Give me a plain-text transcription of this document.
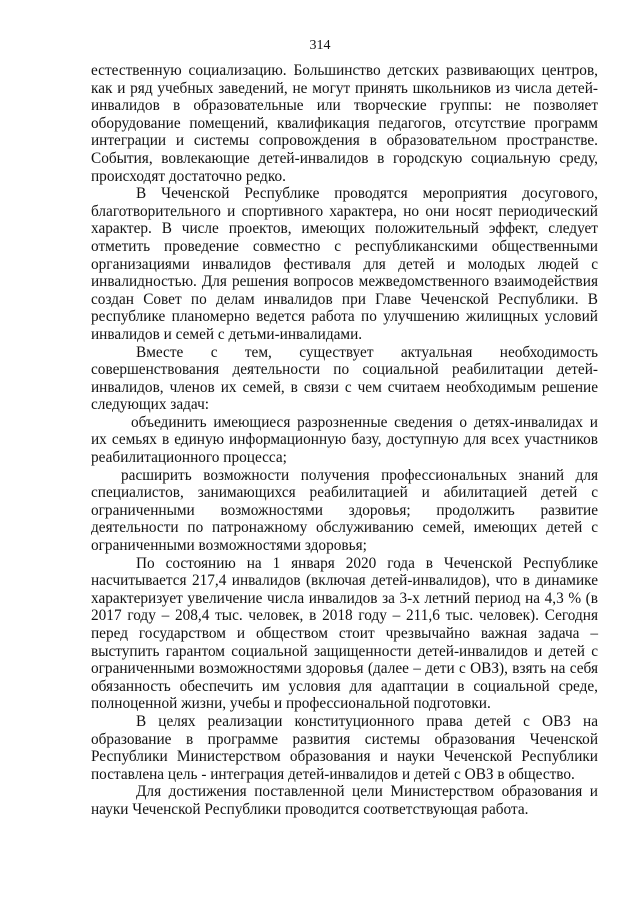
314

естественную социализацию. Большинство детских развивающих центров, как и ряд учебных заведений, не могут принять школьников из числа детей-инвалидов в образовательные или творческие группы: не позволяет оборудование помещений, квалификация педагогов, отсутствие программ интеграции и системы сопровождения в образовательном пространстве. События, вовлекающие детей-инвалидов в городскую социальную среду, происходят достаточно редко.

В Чеченской Республике проводятся мероприятия досугового, благотворительного и спортивного характера, но они носят периодический характер. В числе проектов, имеющих положительный эффект, следует отметить проведение совместно с республиканскими общественными организациями инвалидов фестиваля для детей и молодых людей с инвалидностью. Для решения вопросов межведомственного взаимодействия создан Совет по делам инвалидов при Главе Чеченской Республики. В республике планомерно ведется работа по улучшению жилищных условий инвалидов и семей с детьми-инвалидами.

Вместе с тем, существует актуальная необходимость совершенствования деятельности по социальной реабилитации детей-инвалидов, членов их семей, в связи с чем считаем необходимым решение следующих задач:

объединить имеющиеся разрозненные сведения о детях-инвалидах и их семьях в единую информационную базу, доступную для всех участников реабилитационного процесса;

расширить возможности получения профессиональных знаний для специалистов, занимающихся реабилитацией и абилитацией детей с ограниченными возможностями здоровья; продолжить развитие деятельности по патронажному обслуживанию семей, имеющих детей с ограниченными возможностями здоровья;

По состоянию на 1 января 2020 года в Чеченской Республике насчитывается 217,4 инвалидов (включая детей-инвалидов), что в динамике характеризует увеличение числа инвалидов за 3-х летний период на 4,3 % (в 2017 году – 208,4 тыс. человек, в 2018 году – 211,6 тыс. человек). Сегодня перед государством и обществом стоит чрезвычайно важная задача – выступить гарантом социальной защищенности детей-инвалидов и детей с ограниченными возможностями здоровья (далее – дети с ОВЗ), взять на себя обязанность обеспечить им условия для адаптации в социальной среде, полноценной жизни, учебы и профессиональной подготовки.

В целях реализации конституционного права детей с ОВЗ на образование в программе развития системы образования Чеченской Республики Министерством образования и науки Чеченской Республики поставлена цель - интеграция детей-инвалидов и детей с ОВЗ в общество.

Для достижения поставленной цели Министерством образования и науки Чеченской Республики проводится соответствующая работа.
